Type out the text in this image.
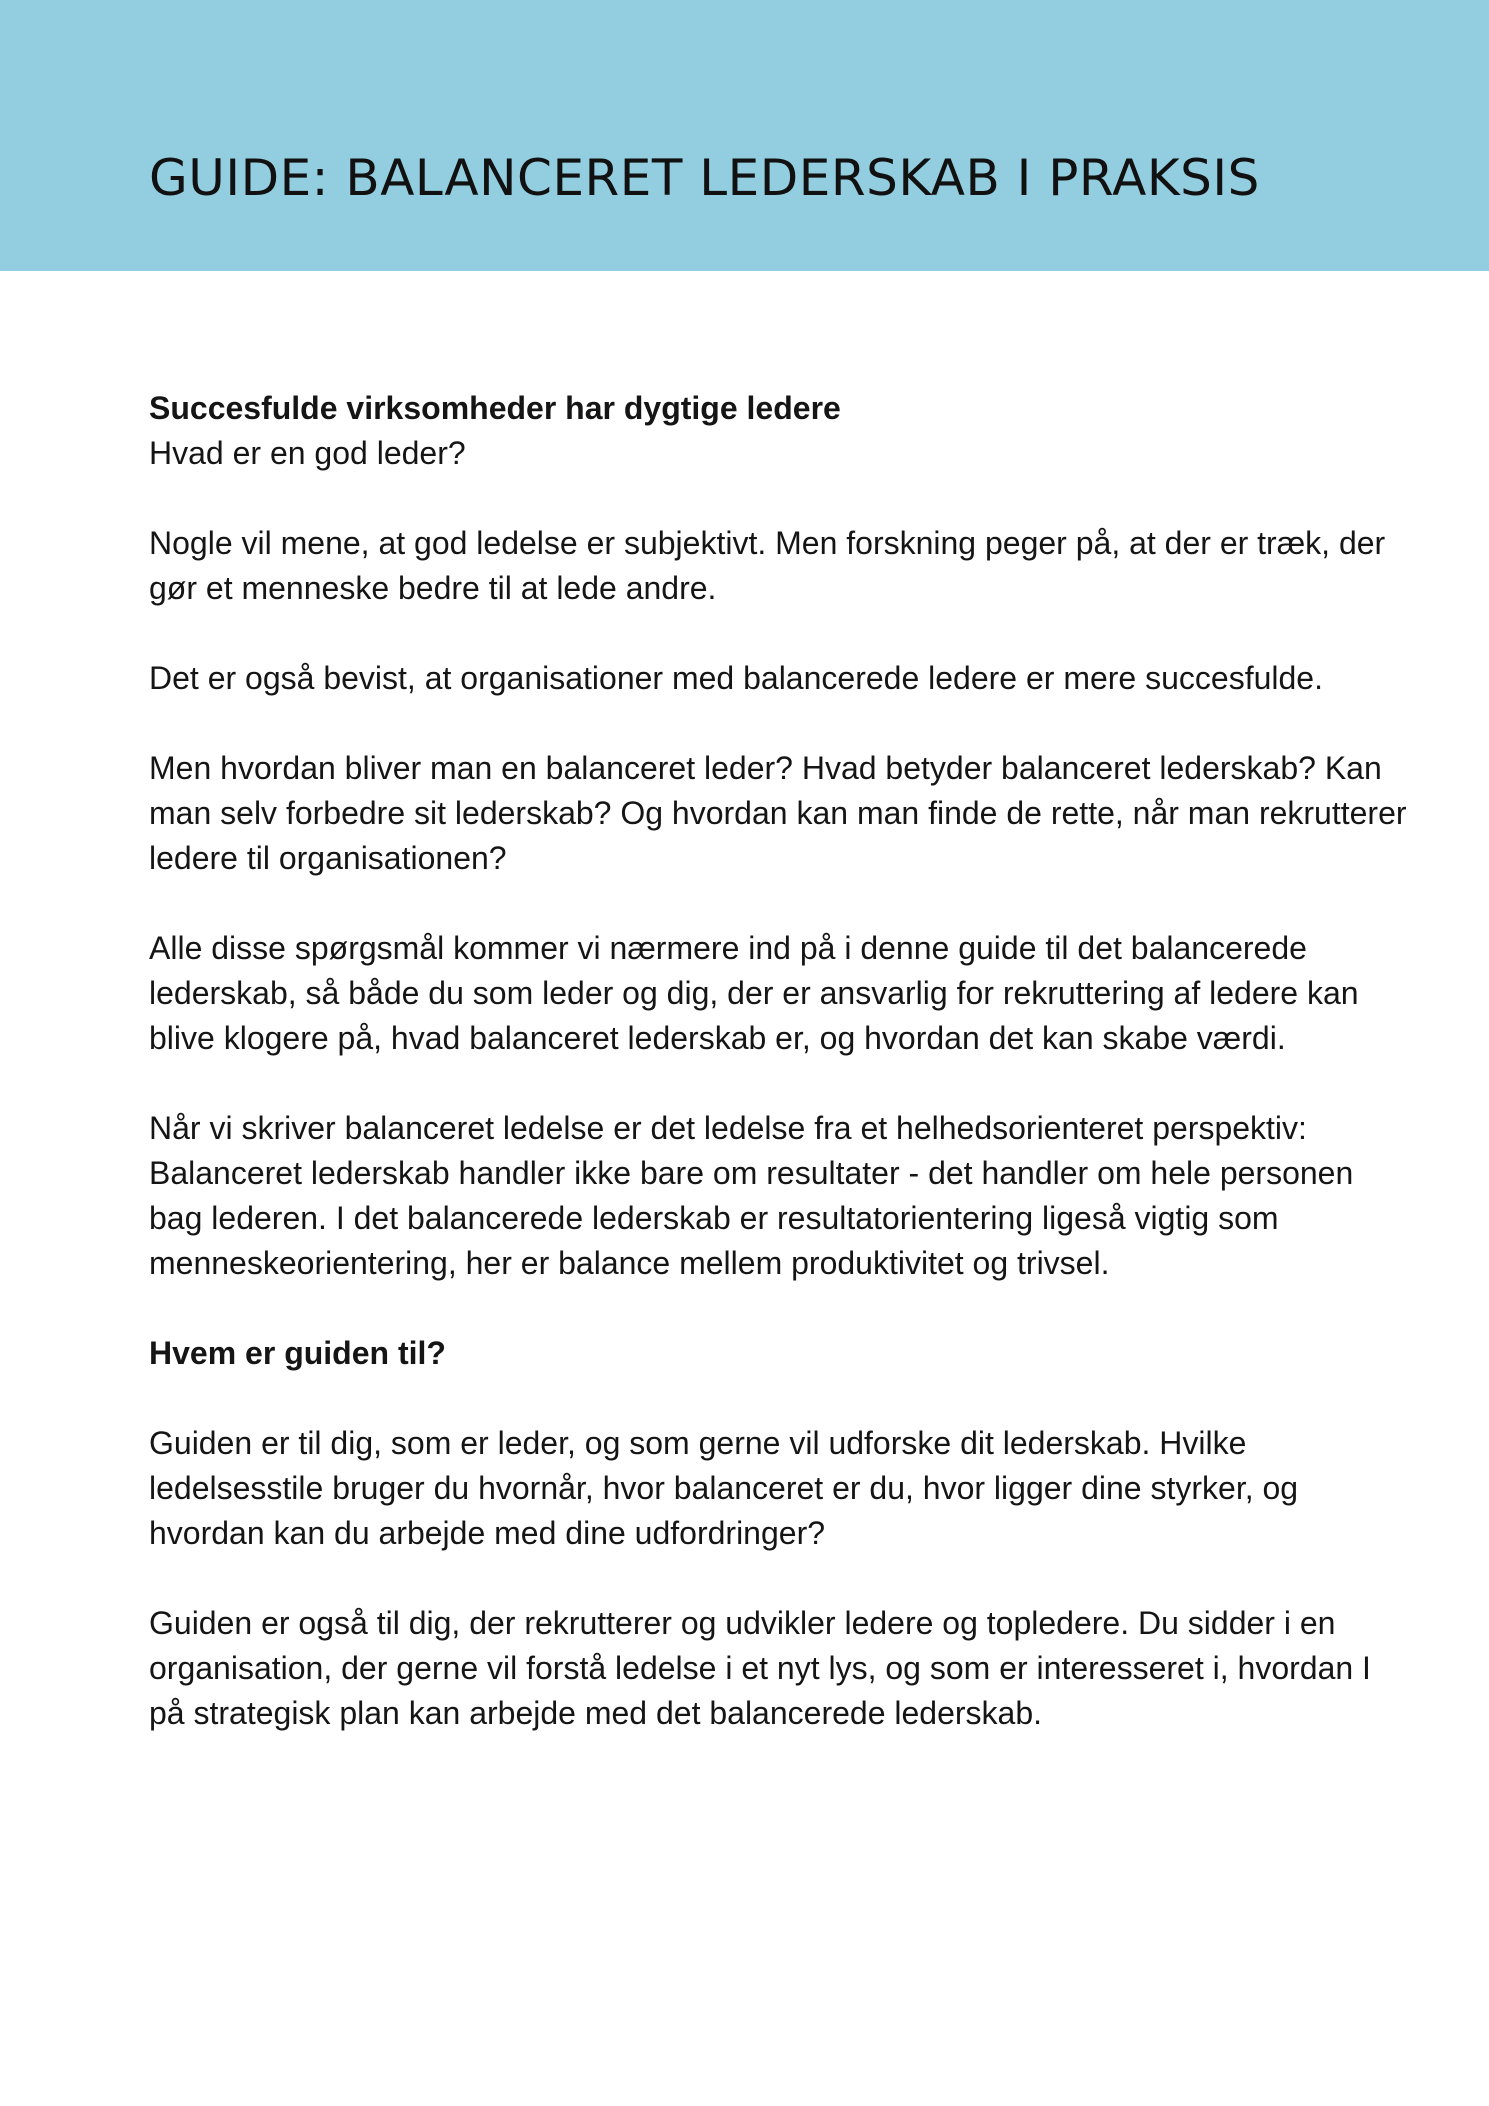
GUIDE: BALANCERET LEDERSKAB I PRAKSIS

Succesfulde virksomheder har dygtige ledere

Hvad er en god leder?

Nogle vil mene, at god ledelse er subjektivt. Men forskning peger på, at der er træk, der gør et menneske bedre til at lede andre.

Det er også bevist, at organisationer med balancerede ledere er mere succesfulde.

Men hvordan bliver man en balanceret leder? Hvad betyder balanceret lederskab? Kan man selv forbedre sit lederskab? Og hvordan kan man finde de rette, når man rekrutterer ledere til organisationen?

Alle disse spørgsmål kommer vi nærmere ind på i denne guide til det balancerede lederskab, så både du som leder og dig, der er ansvarlig for rekruttering af ledere kan blive klogere på, hvad balanceret lederskab er, og hvordan det kan skabe værdi.

Når vi skriver balanceret ledelse er det ledelse fra et helhedsorienteret perspektiv: Balanceret lederskab handler ikke bare om resultater - det handler om hele personen bag lederen. I det balancerede lederskab er resultatorientering ligeså vigtig som menneskeorientering, her er balance mellem produktivitet og trivsel.

Hvem er guiden til?

Guiden er til dig, som er leder, og som gerne vil udforske dit lederskab. Hvilke ledelsesstile bruger du hvornår, hvor balanceret er du, hvor ligger dine styrker, og hvordan kan du arbejde med dine udfordringer?

Guiden er også til dig, der rekrutterer og udvikler ledere og topledere. Du sidder i en organisation, der gerne vil forstå ledelse i et nyt lys, og som er interesseret i, hvordan I på strategisk plan kan arbejde med det balancerede lederskab.
